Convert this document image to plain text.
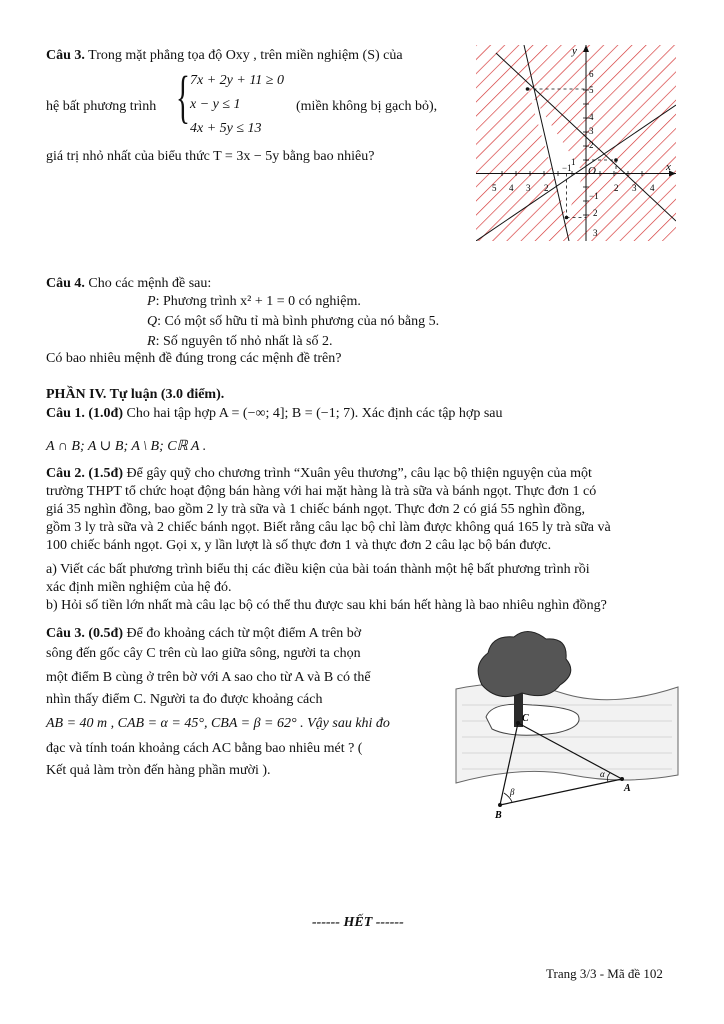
Câu 3. Trong mặt phẳng tọa độ Oxy , trên miền nghiệm (S) của
hệ bất phương trình { 7x + 2y + 11 ≥ 0
x − y ≤ 1
4x + 5y ≤ 13
(miền không bị gạch bỏ),
giá trị nhỏ nhất của biểu thức T = 3x − 5y bằng bao nhiêu?
y
x
O
1
2
3
4
5
6
−1
2
3
5 4 3 2
−1
2 3 4
Câu 4. Cho các mệnh đề sau:
P: Phương trình x² + 1 = 0 có nghiệm.
Q: Có một số hữu tỉ mà bình phương của nó bằng 5.
R: Số nguyên tố nhỏ nhất là số 2.
Có bao nhiêu mệnh đề đúng trong các mệnh đề trên?
PHẦN IV. Tự luận (3.0 điểm).
Câu 1. (1.0đ) Cho hai tập hợp A = (−∞; 4]; B = (−1; 7). Xác định các tập hợp sau
A ∩ B; A ∪ B; A \ B; Cℝ A .
Câu 2. (1.5đ) Để gây quỹ cho chương trình “Xuân yêu thương”, câu lạc bộ thiện nguyện của một
trường THPT tổ chức hoạt động bán hàng với hai mặt hàng là trà sữa và bánh ngọt. Thực đơn 1 có
giá 35 nghìn đồng, bao gồm 2 ly trà sữa và 1 chiếc bánh ngọt. Thực đơn 2 có giá 55 nghìn đồng,
gồm 3 ly trà sữa và 2 chiếc bánh ngọt. Biết rằng câu lạc bộ chỉ làm được không quá 165 ly trà sữa và
100 chiếc bánh ngọt. Gọi x, y lần lượt là số thực đơn 1 và thực đơn 2 câu lạc bộ bán được.
a) Viết các bất phương trình biểu thị các điều kiện của bài toán thành một hệ bất phương trình rồi
xác định miền nghiệm của hệ đó.
b) Hỏi số tiền lớn nhất mà câu lạc bộ có thể thu được sau khi bán hết hàng là bao nhiêu nghìn đồng?
Câu 3. (0.5đ) Để đo khoảng cách từ một điểm A trên bờ
sông đến gốc cây C trên cù lao giữa sông, người ta chọn
một điểm B cùng ở trên bờ với A sao cho từ A và B có thể
nhìn thấy điểm C. Người ta đo được khoảng cách
AB = 40 m , CAB = α = 45°, CBA = β = 62° . Vậy sau khi đo
đạc và tính toán khoảng cách AC bằng bao nhiêu mét ? (
Kết quả làm tròn đến hàng phần mười ).
C
A
B
α
β
------ HẾT ------
Trang 3/3 - Mã đề 102
